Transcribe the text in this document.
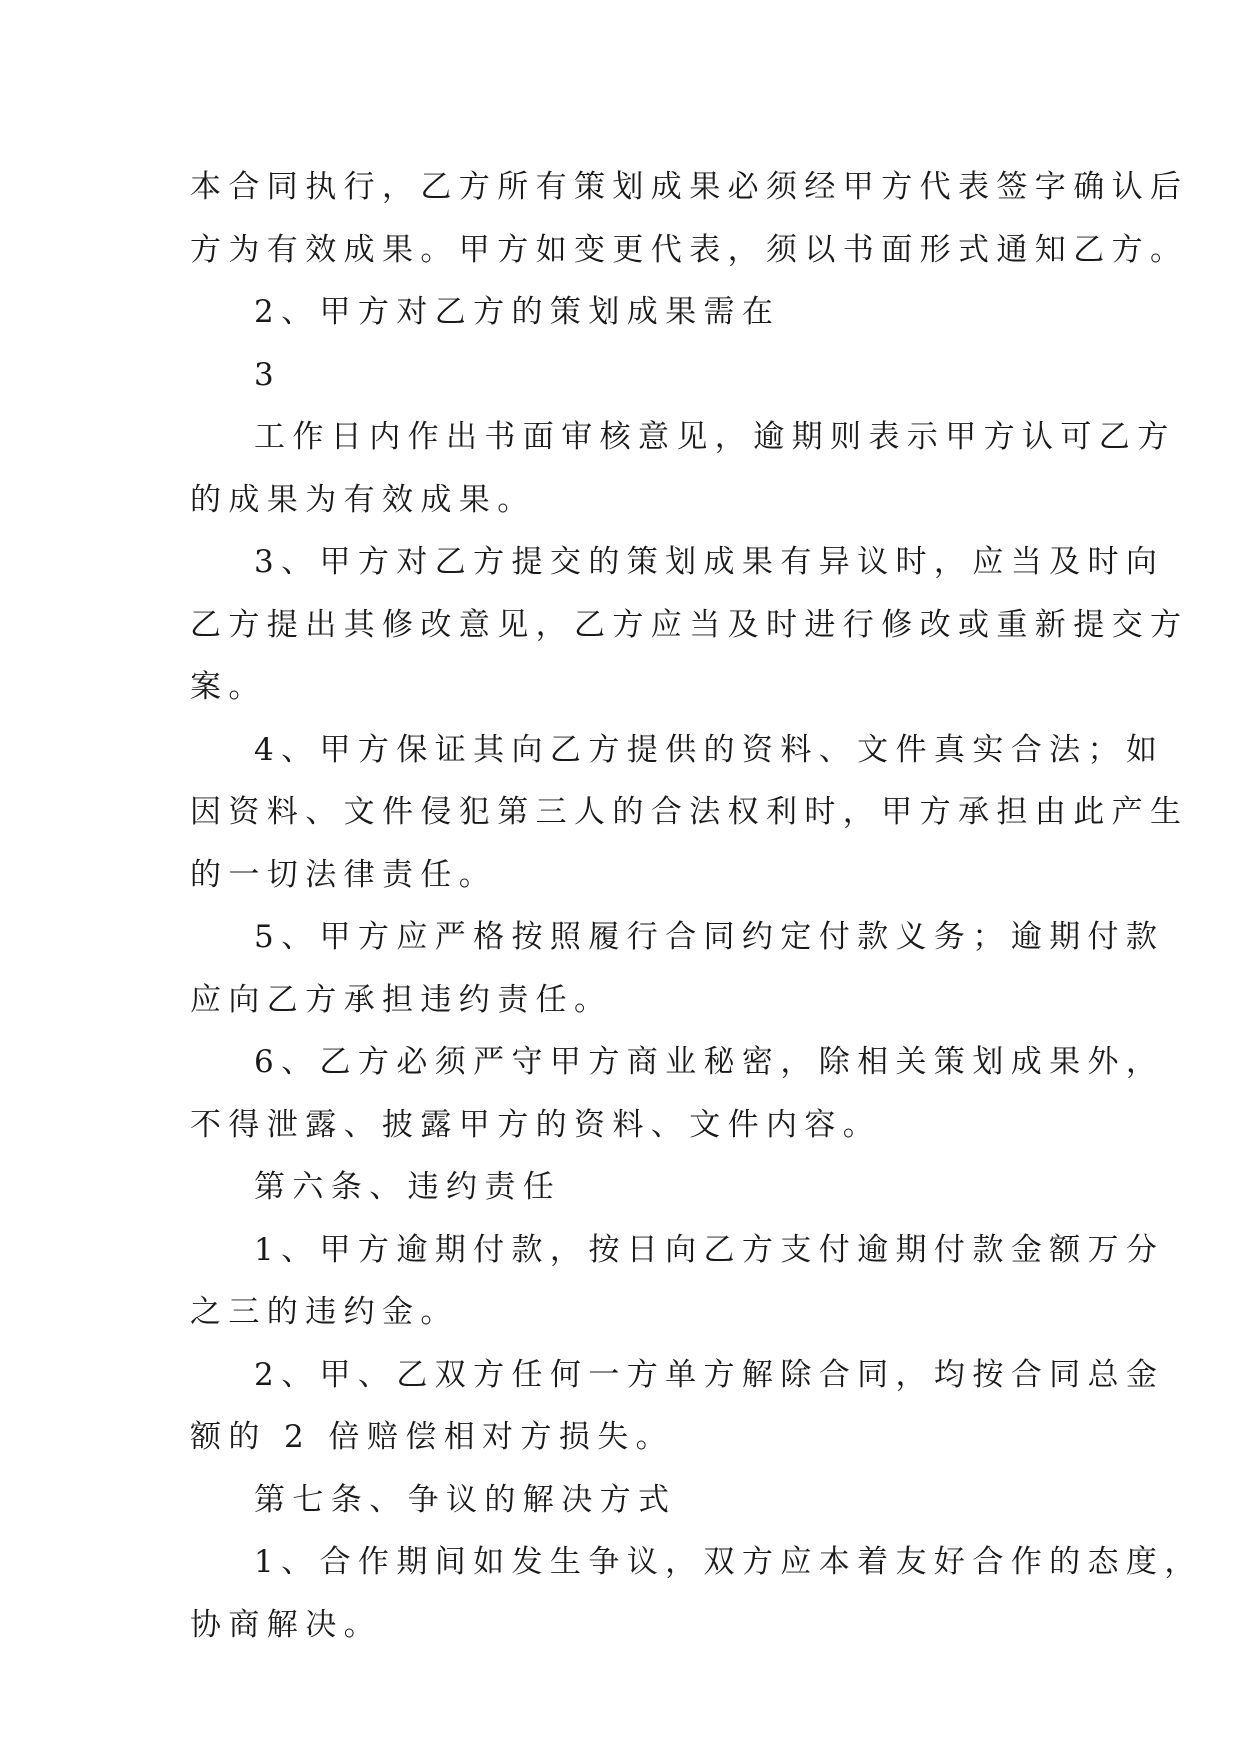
本合同执行，乙方所有策划成果必须经甲方代表签字确认后
方为有效成果。甲方如变更代表，须以书面形式通知乙方。
2、甲方对乙方的策划成果需在
3
工作日内作出书面审核意见，逾期则表示甲方认可乙方
的成果为有效成果。
3、甲方对乙方提交的策划成果有异议时，应当及时向
乙方提出其修改意见，乙方应当及时进行修改或重新提交方
案。
4、甲方保证其向乙方提供的资料、文件真实合法；如
因资料、文件侵犯第三人的合法权利时，甲方承担由此产生
的一切法律责任。
5、甲方应严格按照履行合同约定付款义务；逾期付款
应向乙方承担违约责任。
6、乙方必须严守甲方商业秘密，除相关策划成果外，
不得泄露、披露甲方的资料、文件内容。
第六条、违约责任
1、甲方逾期付款，按日向乙方支付逾期付款金额万分
之三的违约金。
2、甲、乙双方任何一方单方解除合同，均按合同总金
额的 2 倍赔偿相对方损失。
第七条、争议的解决方式
1、合作期间如发生争议，双方应本着友好合作的态度，
协商解决。
